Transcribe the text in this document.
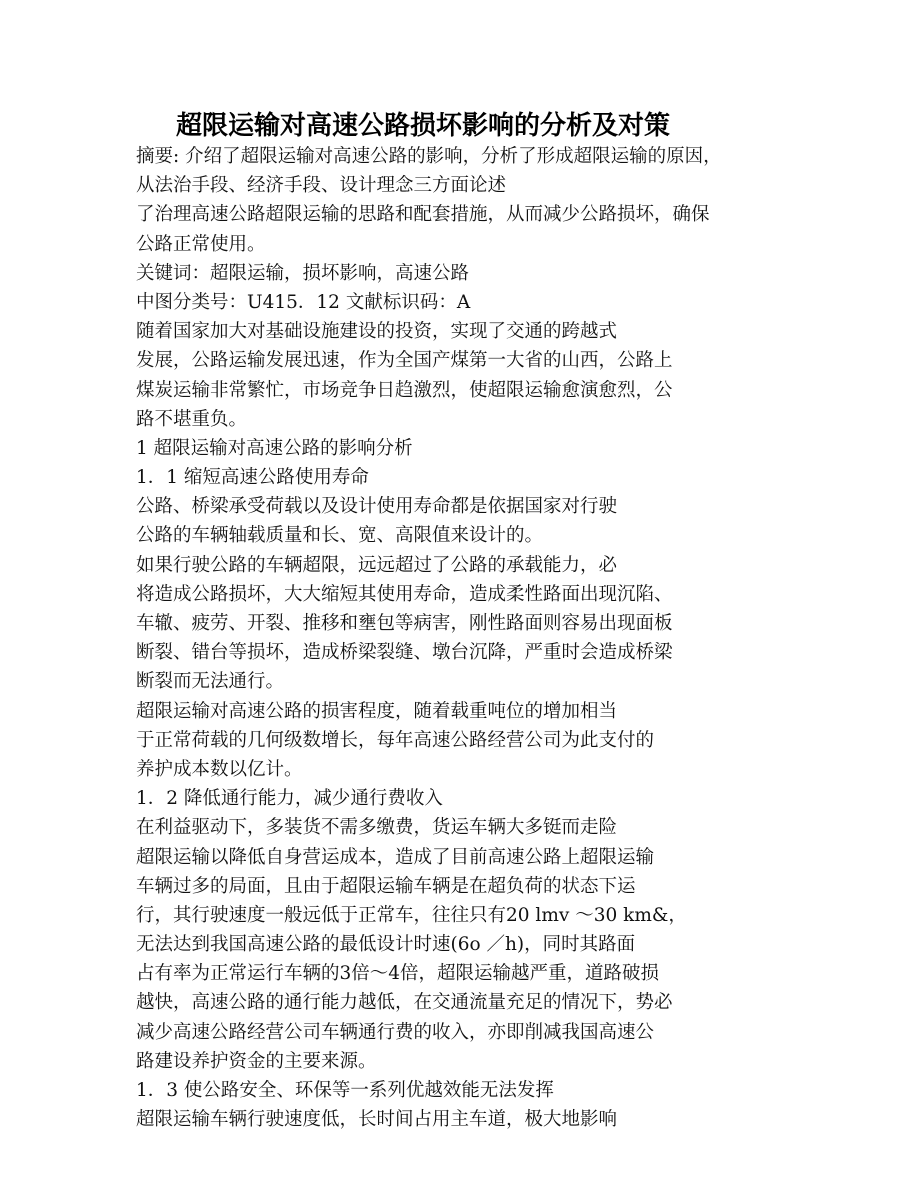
超限运输对高速公路损坏影响的分析及对策
摘要: 介绍了超限运输对高速公路的影响，分析了形成超限运输的原因，
从法治手段、经济手段、设计理念三方面论述
了治理高速公路超限运输的思路和配套措施，从而减少公路损坏，确保
公路正常使用。
关键词：超限运输，损坏影响，高速公路
中图分类号：U415．12 文献标识码：A
随着国家加大对基础设施建设的投资，实现了交通的跨越式
发展，公路运输发展迅速，作为全国产煤第一大省的山西，公路上
煤炭运输非常繁忙，市场竞争日趋激烈，使超限运输愈演愈烈，公
路不堪重负。
1 超限运输对高速公路的影响分析
1．1 缩短高速公路使用寿命
公路、桥梁承受荷载以及设计使用寿命都是依据国家对行驶
公路的车辆轴载质量和长、宽、高限值来设计的。
如果行驶公路的车辆超限，远远超过了公路的承载能力，必
将造成公路损坏，大大缩短其使用寿命，造成柔性路面出现沉陷、
车辙、疲劳、开裂、推移和壅包等病害，刚性路面则容易出现面板
断裂、错台等损坏，造成桥梁裂缝、墩台沉降，严重时会造成桥梁
断裂而无法通行。
超限运输对高速公路的损害程度，随着载重吨位的增加相当
于正常荷载的几何级数增长，每年高速公路经营公司为此支付的
养护成本数以亿计。
1．2 降低通行能力，减少通行费收入
在利益驱动下，多装货不需多缴费，货运车辆大多铤而走险
超限运输以降低自身营运成本，造成了目前高速公路上超限运输
车辆过多的局面，且由于超限运输车辆是在超负荷的状态下运
行，其行驶速度一般远低于正常车，往往只有20 lmv ～30 km&，
无法达到我国高速公路的最低设计时速(6o ／h)，同时其路面
占有率为正常运行车辆的3倍～4倍，超限运输越严重，道路破损
越快，高速公路的通行能力越低，在交通流量充足的情况下，势必
减少高速公路经营公司车辆通行费的收入，亦即削减我国高速公
路建设养护资金的主要来源。
1．3 使公路安全、环保等一系列优越效能无法发挥
超限运输车辆行驶速度低，长时间占用主车道，极大地影响
